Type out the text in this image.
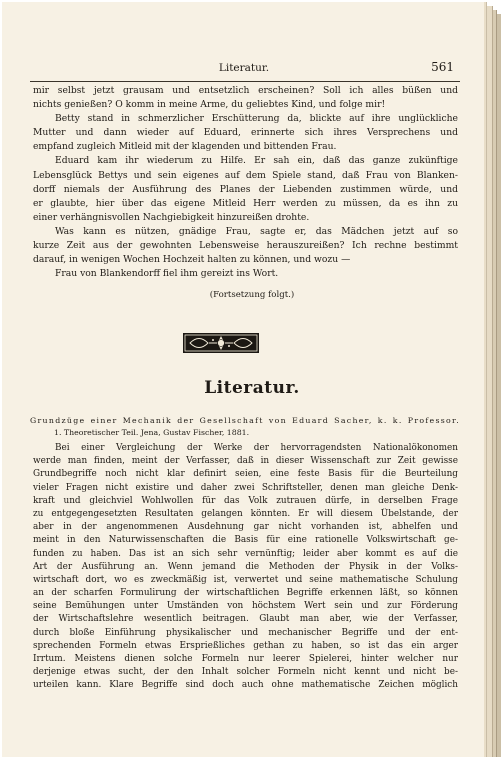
Literatur.	561
mir selbst jetzt grausam und entsetzlich erscheinen? Soll ich alles büßen und
nichts genießen? O komm in meine Arme, du geliebtes Kind, und folge mir!
Betty stand in schmerzlicher Erschütterung da, blickte auf ihre unglückliche
Mutter und dann wieder auf Eduard, erinnerte sich ihres Versprechens und
empfand zugleich Mitleid mit der klagenden und bittenden Frau.
Eduard kam ihr wiederum zu Hilfe. Er sah ein, daß das ganze zukünftige
Lebensglück Bettys und sein eigenes auf dem Spiele stand, daß Frau von Blanken-
dorff niemals der Ausführung des Planes der Liebenden zustimmen würde, und
er glaubte, hier über das eigene Mitleid Herr werden zu müssen, da es ihn zu
einer verhängnisvollen Nachgiebigkeit hinzureißen drohte.
Was kann es nützen, gnädige Frau, sagte er, das Mädchen jetzt auf so
kurze Zeit aus der gewohnten Lebensweise herauszureißen? Ich rechne bestimmt
darauf, in wenigen Wochen Hochzeit halten zu können, und wozu —
Frau von Blankendorff fiel ihm gereizt ins Wort.
(Fortsetzung folgt.)
Literatur.
Grundzüge einer Mechanik der Gesellschaft von Eduard Sacher, k. k. Professor.
1. Theoretischer Teil. Jena, Gustav Fischer, 1881.
Bei einer Vergleichung der Werke der hervorragendsten Nationalökonomen
werde man finden, meint der Verfasser, daß in dieser Wissenschaft zur Zeit gewisse
Grundbegriffe noch nicht klar definirt seien, eine feste Basis für die Beurteilung
vieler Fragen nicht existire und daher zwei Schriftsteller, denen man gleiche Denk-
kraft und gleichviel Wohlwollen für das Volk zutrauen dürfe, in derselben Frage
zu entgegengesetzten Resultaten gelangen könnten. Er will diesem Übelstande, der
aber in der angenommenen Ausdehnung gar nicht vorhanden ist, abhelfen und
meint in den Naturwissenschaften die Basis für eine rationelle Volkswirtschaft ge-
funden zu haben. Das ist an sich sehr vernünftig; leider aber kommt es auf die
Art der Ausführung an. Wenn jemand die Methoden der Physik in der Volks-
wirtschaft dort, wo es zweckmäßig ist, verwertet und seine mathematische Schulung
an der scharfen Formulirung der wirtschaftlichen Begriffe erkennen läßt, so können
seine Bemühungen unter Umständen von höchstem Wert sein und zur Förderung
der Wirtschaftslehre wesentlich beitragen. Glaubt man aber, wie der Verfasser,
durch bloße Einführung physikalischer und mechanischer Begriffe und der ent-
sprechenden Formeln etwas Ersprießliches gethan zu haben, so ist das ein arger
Irrtum. Meistens dienen solche Formeln nur leerer Spielerei, hinter welcher nur
derjenige etwas sucht, der den Inhalt solcher Formeln nicht kennt und nicht be-
urteilen kann. Klare Begriffe sind doch auch ohne mathematische Zeichen möglich
